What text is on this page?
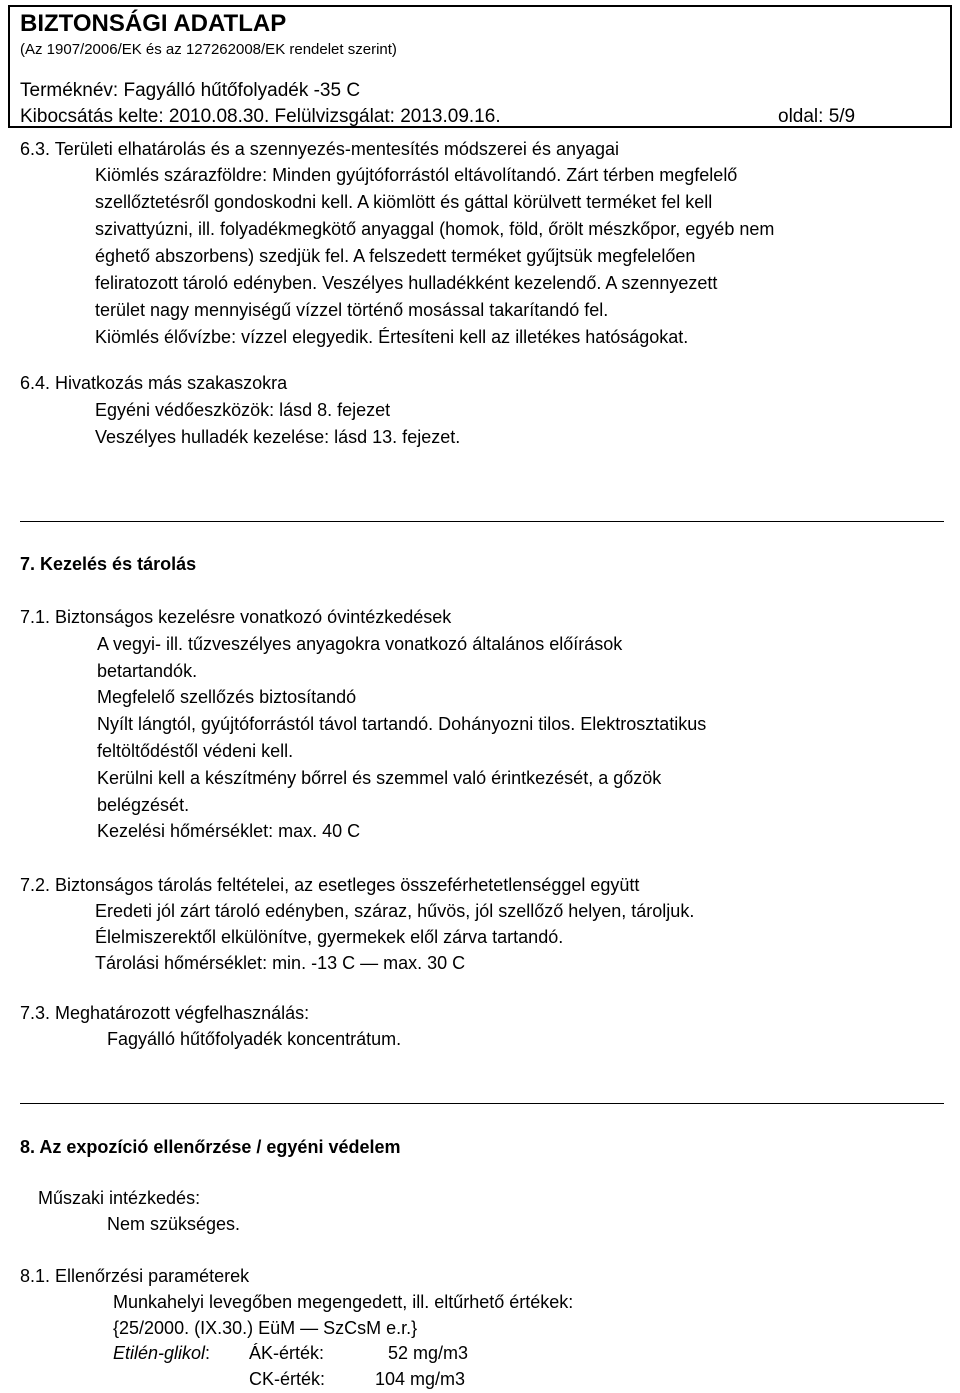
BIZTONSÁGI ADATLAP
(Az 1907/2006/EK és az 127262008/EK rendelet szerint)
Terméknév: Fagyálló hűtőfolyadék -35 C
Kibocsátás kelte: 2010.08.30. Felülvizsgálat: 2013.09.16.	oldal: 5/9
6.3. Területi elhatárolás és a szennyezés-mentesítés módszerei és anyagai
Kiömlés szárazföldre: Minden gyújtóforrástól eltávolítandó. Zárt térben megfelelő
szellőztetésről gondoskodni kell. A kiömlött és gáttal körülvett terméket fel kell
szivattyúzni, ill. folyadékmegkötő anyaggal (homok, föld, őrölt mészkőpor, egyéb nem
éghető abszorbens) szedjük fel. A felszedett terméket gyűjtsük megfelelően
feliratozott tároló edényben. Veszélyes hulladékként kezelendő. A szennyezett
terület nagy mennyiségű vízzel történő mosással takarítandó fel.
Kiömlés élővízbe: vízzel elegyedik. Értesíteni kell az illetékes hatóságokat.
6.4. Hivatkozás más szakaszokra
Egyéni védőeszközök: lásd 8. fejezet
Veszélyes hulladék kezelése: lásd 13. fejezet.
7. Kezelés és tárolás
7.1. Biztonságos kezelésre vonatkozó óvintézkedések
A vegyi- ill. tűzveszélyes anyagokra vonatkozó általános előírások
betartandók.
Megfelelő szellőzés biztosítandó
Nyílt lángtól, gyújtóforrástól távol tartandó. Dohányozni tilos. Elektrosztatikus
feltöltődéstől védeni kell.
Kerülni kell a készítmény bőrrel és szemmel való érintkezését, a gőzök
belégzését.
Kezelési hőmérséklet: max. 40 C
7.2. Biztonságos tárolás feltételei, az esetleges összeférhetetlenséggel együtt
Eredeti jól zárt tároló edényben, száraz, hűvös, jól szellőző helyen, tároljuk.
Élelmiszerektől elkülönítve, gyermekek elől zárva tartandó.
Tárolási hőmérséklet: min. -13 C — max. 30 C
7.3. Meghatározott végfelhasználás:
Fagyálló hűtőfolyadék koncentrátum.
8. Az expozíció ellenőrzése / egyéni védelem
Műszaki intézkedés:
Nem szükséges.
8.1. Ellenőrzési paraméterek
Munkahelyi levegőben megengedett, ill. eltűrhető értékek:
{25/2000. (IX.30.) EüM — SzCsM e.r.}
Etilén-glikol: ÁK-érték:	52 mg/m3
CK-érték:	104 mg/m3
